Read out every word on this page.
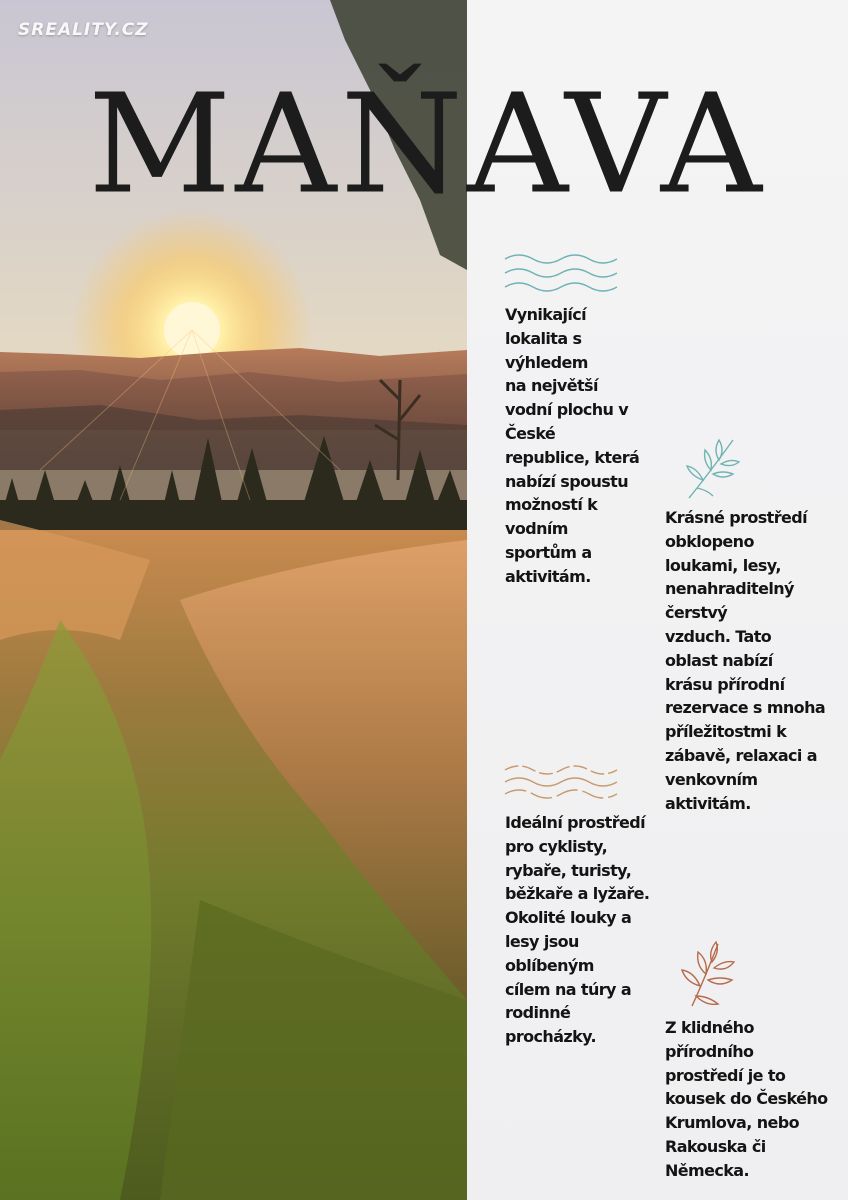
SREALITY.CZ
MAŇAVA

Vynikající
lokalita s
výhledem
na největší
vodní plochu v
České
republice, která
nabízí spoustu
možností k
vodním
sportům a
aktivitám.

Krásné prostředí
obklopeno
loukami, lesy,
nenahraditelný
čerstvý
vzduch. Tato
oblast nabízí
krásu přírodní
rezervace s mnoha
příležitostmi k
zábavě, relaxaci a
venkovním
aktivitám.

Ideální prostředí
pro cyklisty,
rybaře, turisty,
běžkaře a lyžaře.
Okolité louky a
lesy jsou
oblíbeným
cílem na túry a
rodinné
procházky.	Z klidného
přírodního
prostředí je to
kousek do Českého
Krumlova, nebo
Rakouska či
Německa.
